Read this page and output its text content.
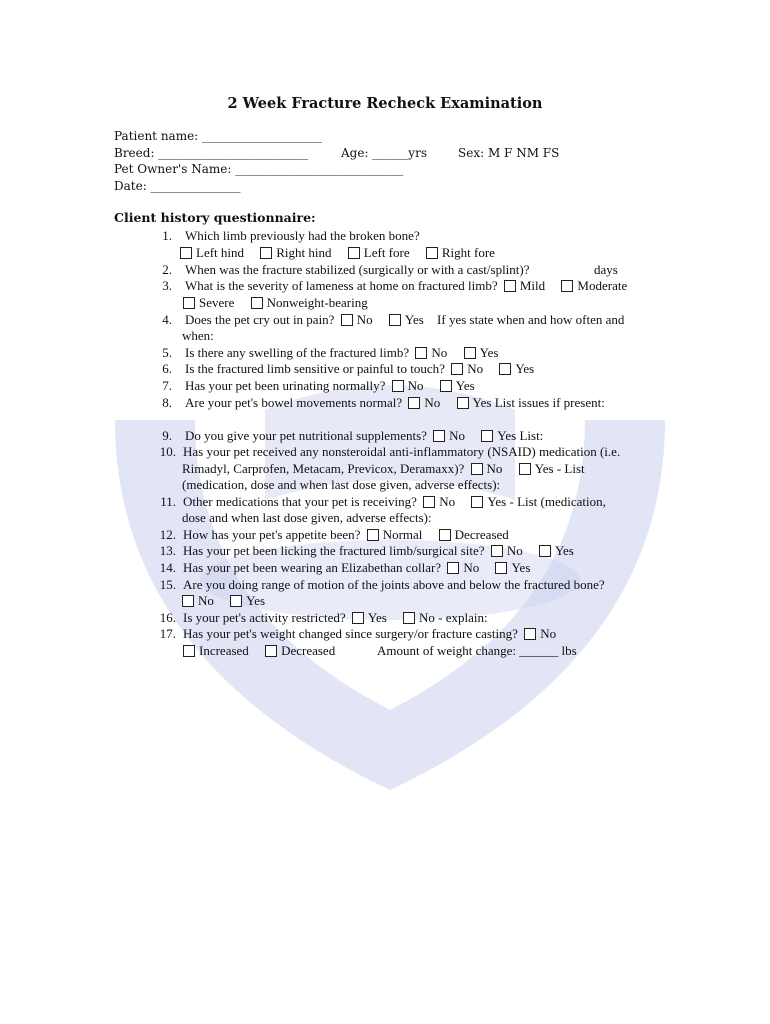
2 Week Fracture Recheck Examination
Patient name: ____________________
Breed: _________________________	Age: ______yrs	Sex: M F NM FS
Pet Owner's Name: ____________________________
Date: _______________
Client history questionnaire:
1. Which limb previously had the broken bone?
Left hind Right hind Left fore Right fore
2. When was the fracture stabilized (surgically or with a cast/splint)?	days
3. What is the severity of lameness at home on fractured limb? Mild Moderate
Severe Nonweight-bearing
4. Does the pet cry out in pain? No Yes If yes state when and how often and
when:
5. Is there any swelling of the fractured limb? No Yes
6. Is the fractured limb sensitive or painful to touch? No Yes
7. Has your pet been urinating normally? No Yes
8. Are your pet's bowel movements normal? No Yes List issues if present:
9. Do you give your pet nutritional supplements? No Yes List:
10. Has your pet received any nonsteroidal anti-inflammatory (NSAID) medication (i.e.
Rimadyl, Carprofen, Metacam, Previcox, Deramaxx)? No Yes - List
(medication, dose and when last dose given, adverse effects):
11. Other medications that your pet is receiving? No Yes - List (medication,
dose and when last dose given, adverse effects):
12. How has your pet's appetite been? Normal Decreased
13. Has your pet been licking the fractured limb/surgical site? No Yes
14. Has your pet been wearing an Elizabethan collar? No Yes
15. Are you doing range of motion of the joints above and below the fractured bone?
No Yes
16. Is your pet's activity restricted? Yes No - explain:
17. Has your pet's weight changed since surgery/or fracture casting? No
Increased Decreased	Amount of weight change: ______ lbs
